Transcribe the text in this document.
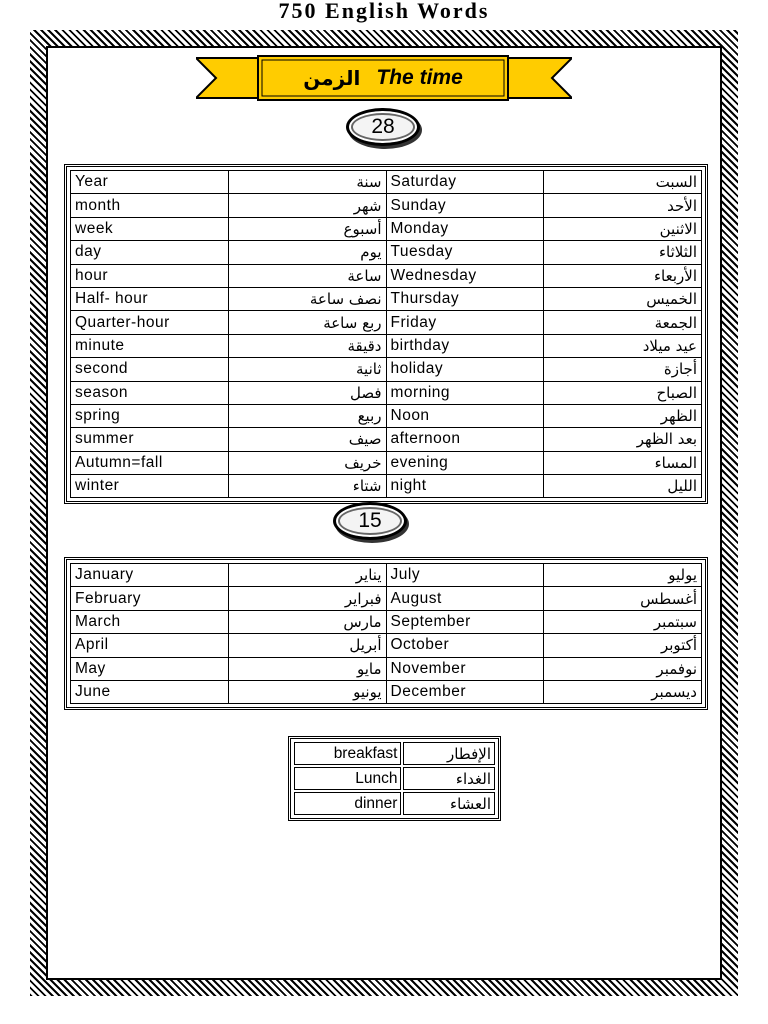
750 English Words
الزمن The time
28
Year	سنة	Saturday	السبت
month	شهر	Sunday	الأحد
week	أسبوع	Monday	الاثنين
day	يوم	Tuesday	الثلاثاء
hour	ساعة	Wednesday	الأربعاء
Half- hour	نصف ساعة	Thursday	الخميس
Quarter-hour	ربع ساعة	Friday	الجمعة
minute	دقيقة	birthday	عيد ميلاد
second	ثانية	holiday	أجازة
season	فصل	morning	الصباح
spring	ربيع	Noon	الظهر
summer	صيف	afternoon	بعد الظهر
Autumn=fall	خريف	evening	المساء
winter	شتاء	night	الليل
15
January	يناير	July	يوليو
February	فبراير	August	أغسطس
March	مارس	September	سبتمبر
April	أبريل	October	أكتوبر
May	مايو	November	نوفمبر
June	يونيو	December	ديسمبر
breakfast	الإفطار
Lunch	الغداء
dinner	العشاء
